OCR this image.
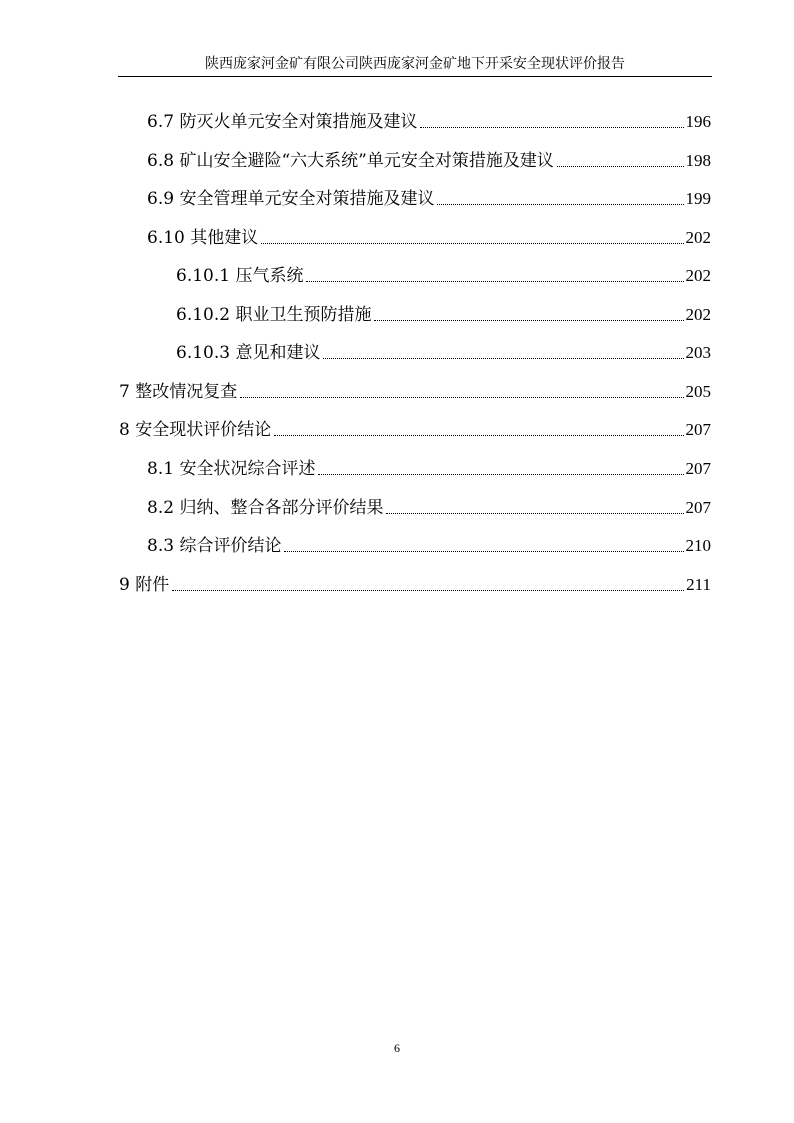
陕西庞家河金矿有限公司陕西庞家河金矿地下开采安全现状评价报告
6.7 防灭火单元安全对策措施及建议	196
6.8 矿山安全避险“六大系统”单元安全对策措施及建议	198
6.9 安全管理单元安全对策措施及建议	199
6.10 其他建议	202
6.10.1 压气系统	202
6.10.2 职业卫生预防措施	202
6.10.3 意见和建议	203
7 整改情况复查	205
8 安全现状评价结论	207
8.1 安全状况综合评述	207
8.2 归纳、整合各部分评价结果	207
8.3 综合评价结论	210
9 附件	211
6
